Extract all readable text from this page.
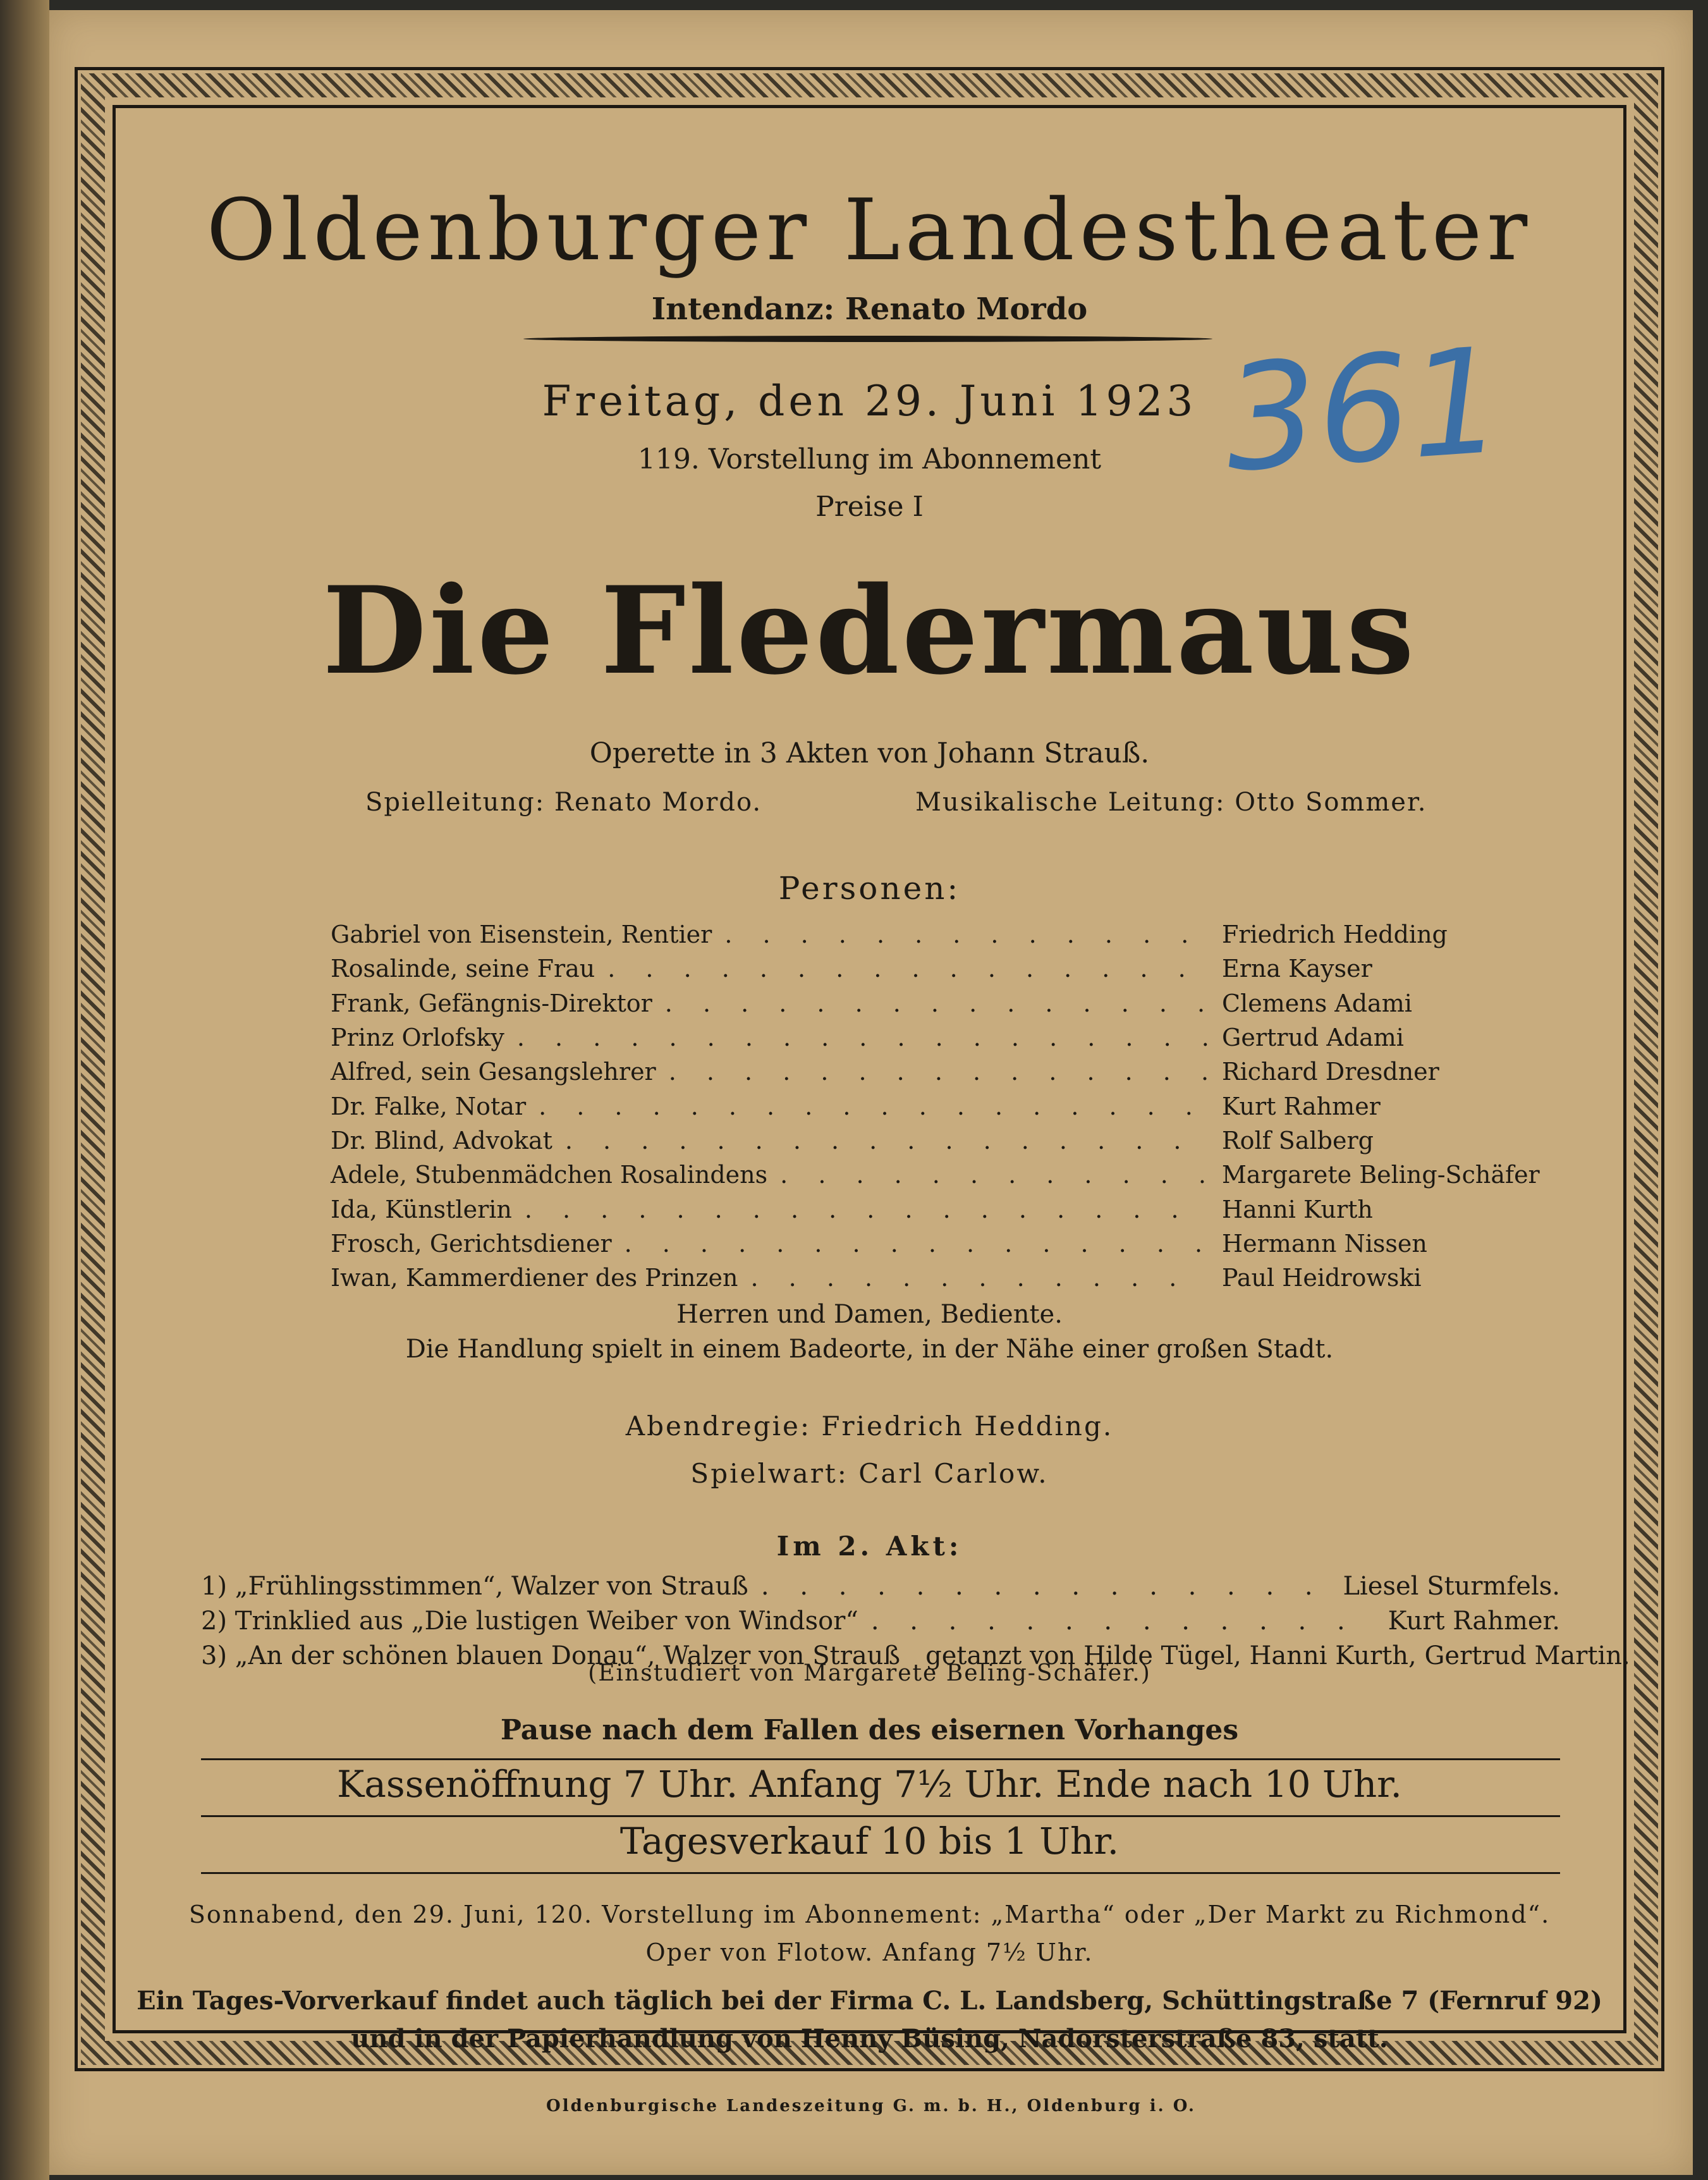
Oldenburger Landestheater
Intendanz: Renato Mordo
Freitag, den 29. Juni 1923
119. Vorstellung im Abonnement
Preise I
361
Die Fledermaus
Operette in 3 Akten von Johann Strauß.
Spielleitung: Renato Mordo.	Musikalische Leitung: Otto Sommer.
Personen:
Gabriel von Eisenstein, Rentier . . .	Friedrich Hedding
Rosalinde, seine Frau . . .	Erna Kayser
Frank, Gefängnis-Direktor . . .	Clemens Adami
Prinz Orlofsky . . .	Gertrud Adami
Alfred, sein Gesangslehrer . . .	Richard Dresdner
Dr. Falke, Notar . . .	Kurt Rahmer
Dr. Blind, Advokat . . .	Rolf Salberg
Adele, Stubenmädchen Rosalindens . . .	Margarete Beling-Schäfer
Ida, Künstlerin . . .	Hanni Kurth
Frosch, Gerichtsdiener . . .	Hermann Nissen
Iwan, Kammerdiener des Prinzen . . .	Paul Heidrowski
Herren und Damen, Bediente.
Die Handlung spielt in einem Badeorte, in der Nähe einer großen Stadt.
Abendregie: Friedrich Hedding.
Spielwart: Carl Carlow.
Im 2. Akt:
1) „Frühlingsstimmen“, Walzer von Strauß . . .	Liesel Sturmfels.
2) Trinklied aus „Die lustigen Weiber von Windsor“ . . .	Kurt Rahmer.
3) „An der schönen blauen Donau“, Walzer von Strauß getanzt von Hilde Tügel, Hanni Kurth, Gertrud Martin.
(Einstudiert von Margarete Beling-Schäfer.)
Pause nach dem Fallen des eisernen Vorhanges
Kassenöffnung 7 Uhr. Anfang 7½ Uhr. Ende nach 10 Uhr.
Tagesverkauf 10 bis 1 Uhr.
Sonnabend, den 29. Juni, 120. Vorstellung im Abonnement: „Martha“ oder „Der Markt zu Richmond“.
Oper von Flotow. Anfang 7½ Uhr.
Ein Tages-Vorverkauf findet auch täglich bei der Firma C. L. Landsberg, Schüttingstraße 7 (Fernruf 92)
und in der Papierhandlung von Henny Büsing, Nadorsterstraße 83, statt.
Oldenburgische Landeszeitung G. m. b. H., Oldenburg i. O.
